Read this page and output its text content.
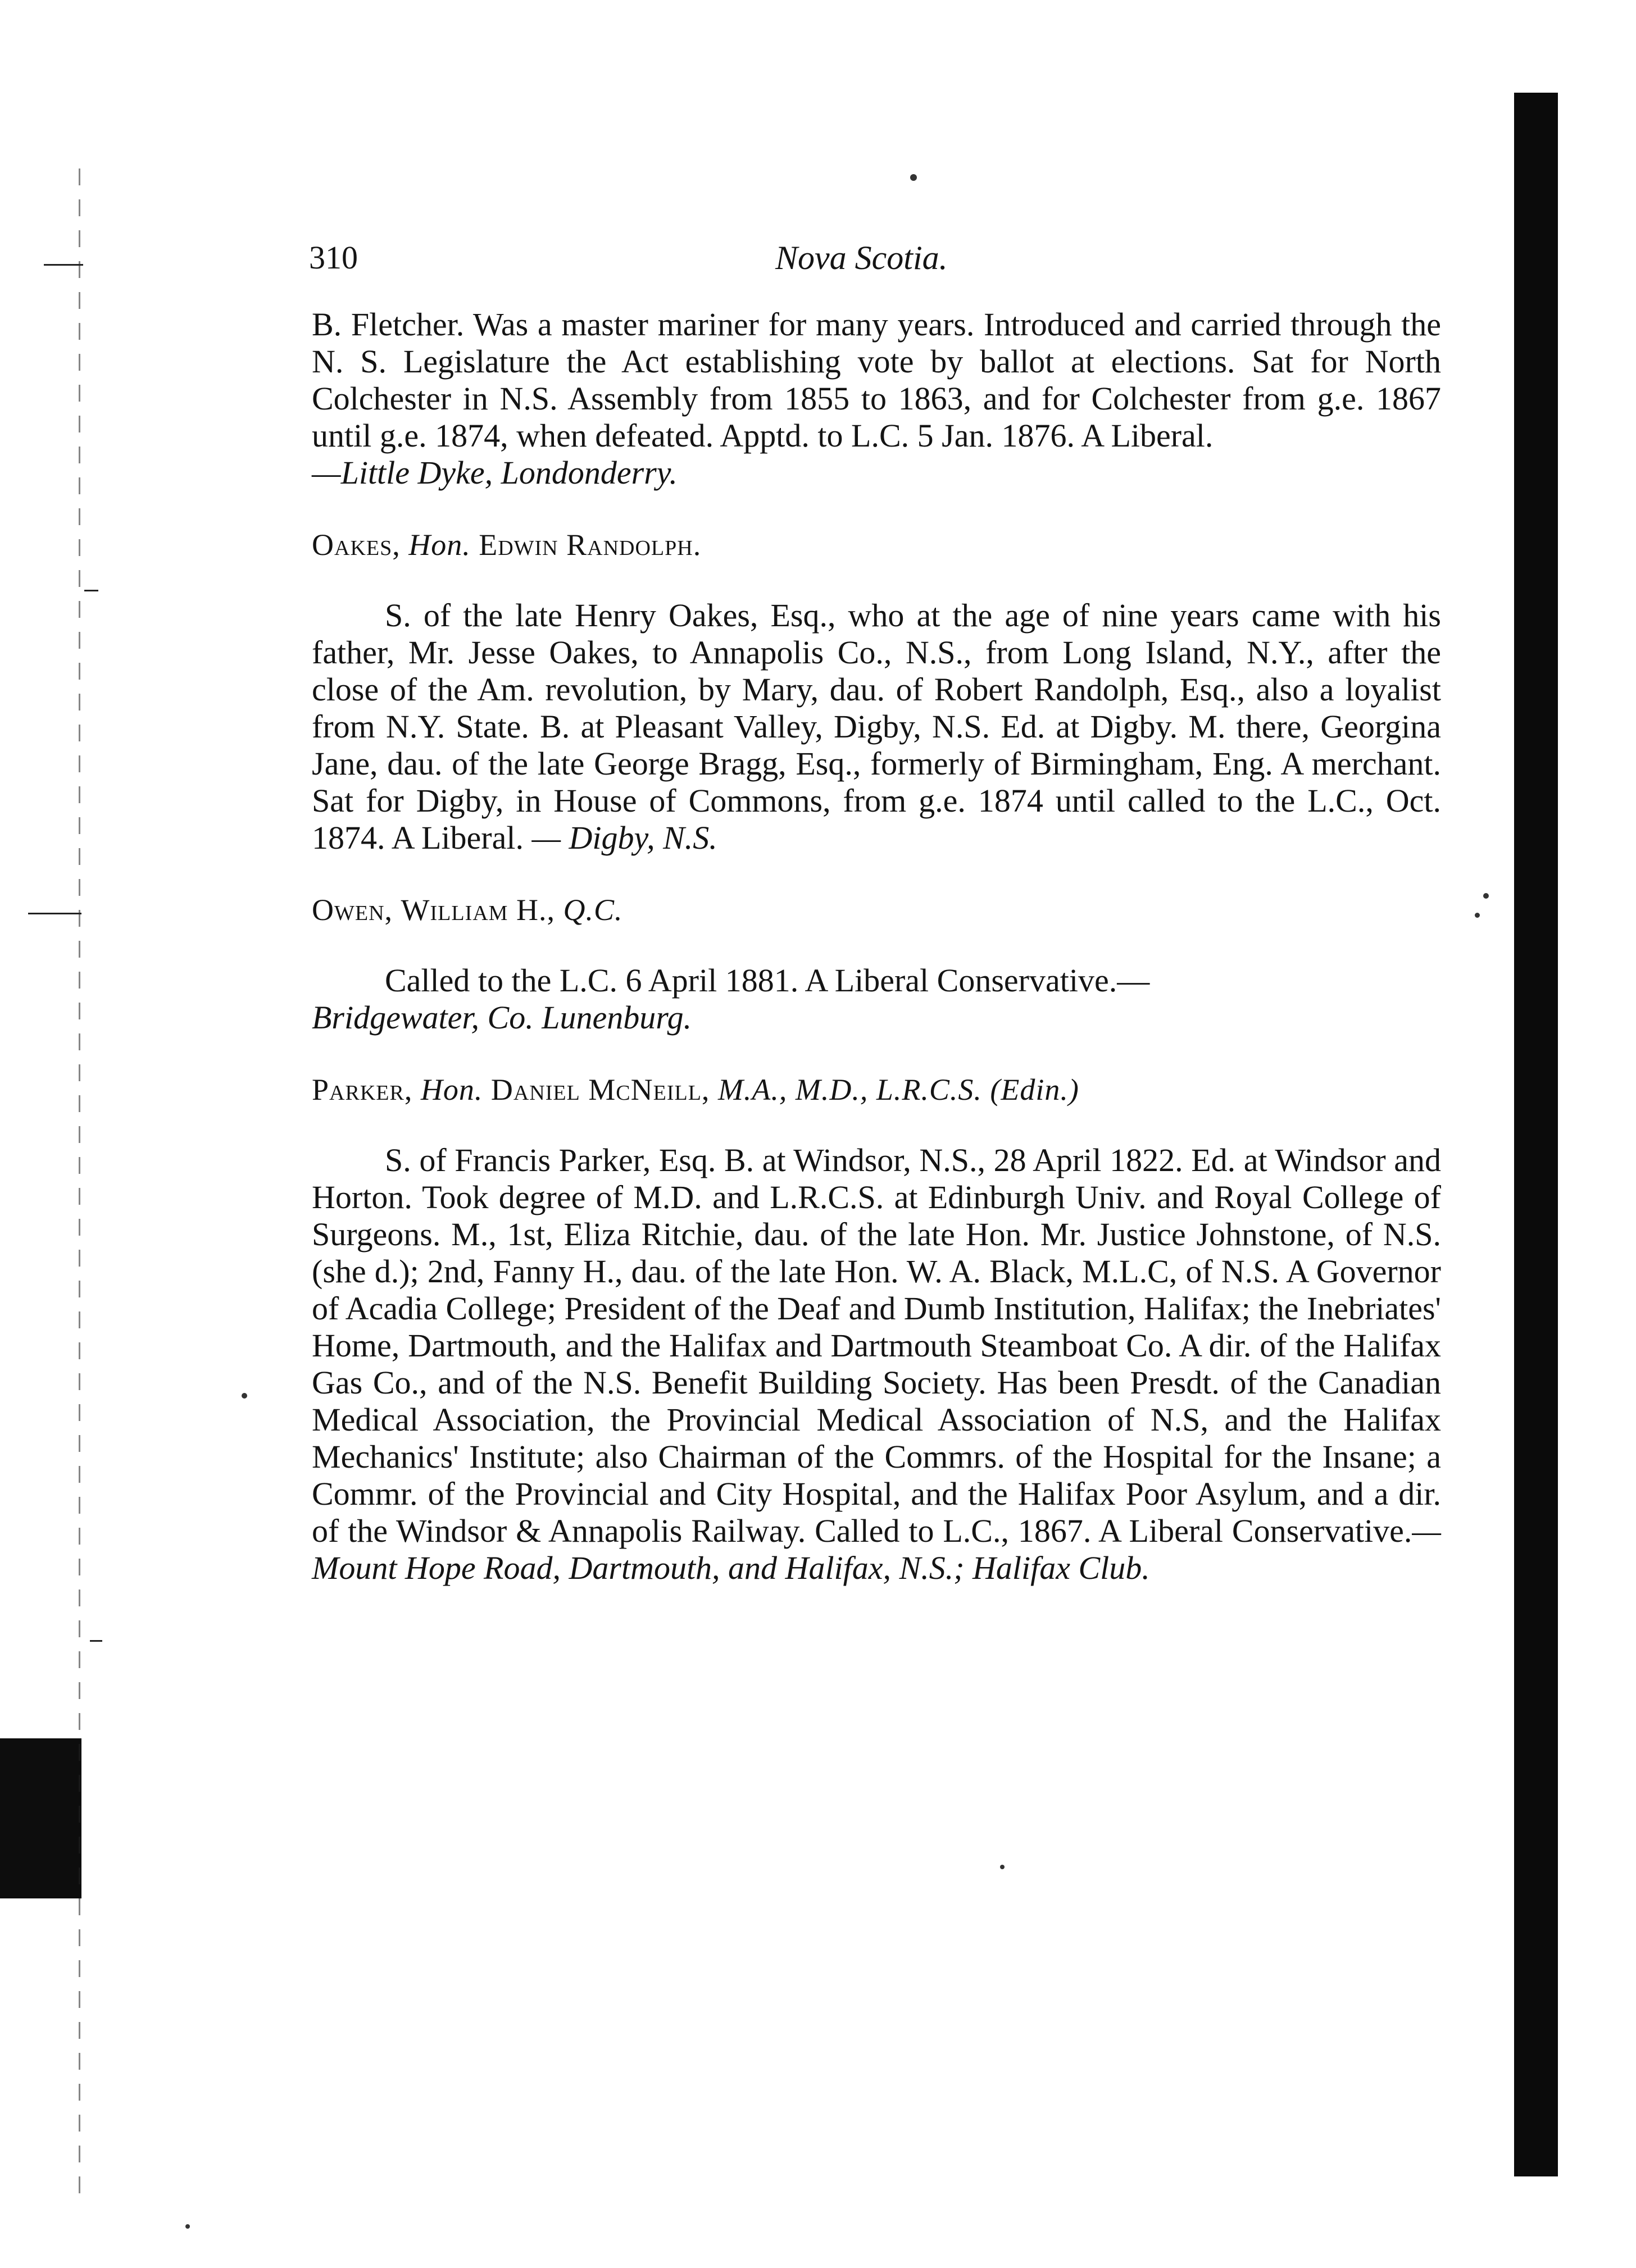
310	Nova Scotia.

B. Fletcher. Was a master mariner for many years. Introduced and carried through the N. S. Legislature the Act establishing vote by ballot at elections. Sat for North Colchester in N.S. Assembly from 1855 to 1863, and for Colchester from g.e. 1867 until g.e. 1874, when defeated. Apptd. to L.C. 5 Jan. 1876. A Liberal.
—Little Dyke, Londonderry.

Oakes, Hon. Edwin Randolph.

S. of the late Henry Oakes, Esq., who at the age of nine years came with his father, Mr. Jesse Oakes, to Annapolis Co., N.S., from Long Island, N.Y., after the close of the Am. revolution, by Mary, dau. of Robert Randolph, Esq., also a loyalist from N.Y. State. B. at Pleasant Valley, Digby, N.S. Ed. at Digby. M. there, Georgina Jane, dau. of the late George Bragg, Esq., formerly of Birmingham, Eng. A merchant. Sat for Digby, in House of Commons, from g.e. 1874 until called to the L.C., Oct. 1874. A Liberal. — Digby, N.S.

Owen, William H., Q.C.

Called to the L.C. 6 April 1881. A Liberal Conservative.—
Bridgewater, Co. Lunenburg.

Parker, Hon. Daniel McNeill, M.A., M.D., L.R.C.S. (Edin.)

S. of Francis Parker, Esq. B. at Windsor, N.S., 28 April 1822. Ed. at Windsor and Horton. Took degree of M.D. and L.R.C.S. at Edinburgh Univ. and Royal College of Surgeons. M., 1st, Eliza Ritchie, dau. of the late Hon. Mr. Justice Johnstone, of N.S. (she d.); 2nd, Fanny H., dau. of the late Hon. W. A. Black, M.L.C, of N.S. A Governor of Acadia College; President of the Deaf and Dumb Institution, Halifax; the Inebriates' Home, Dartmouth, and the Halifax and Dartmouth Steamboat Co. A dir. of the Halifax Gas Co., and of the N.S. Benefit Building Society. Has been Presdt. of the Canadian Medical Association, the Provincial Medical Association of N.S, and the Halifax Mechanics' Institute; also Chairman of the Commrs. of the Hospital for the Insane; a Commr. of the Provincial and City Hospital, and the Halifax Poor Asylum, and a dir. of the Windsor & Annapolis Railway. Called to L.C., 1867. A Liberal Conservative.—Mount Hope Road, Dartmouth, and Halifax, N.S.; Halifax Club.
